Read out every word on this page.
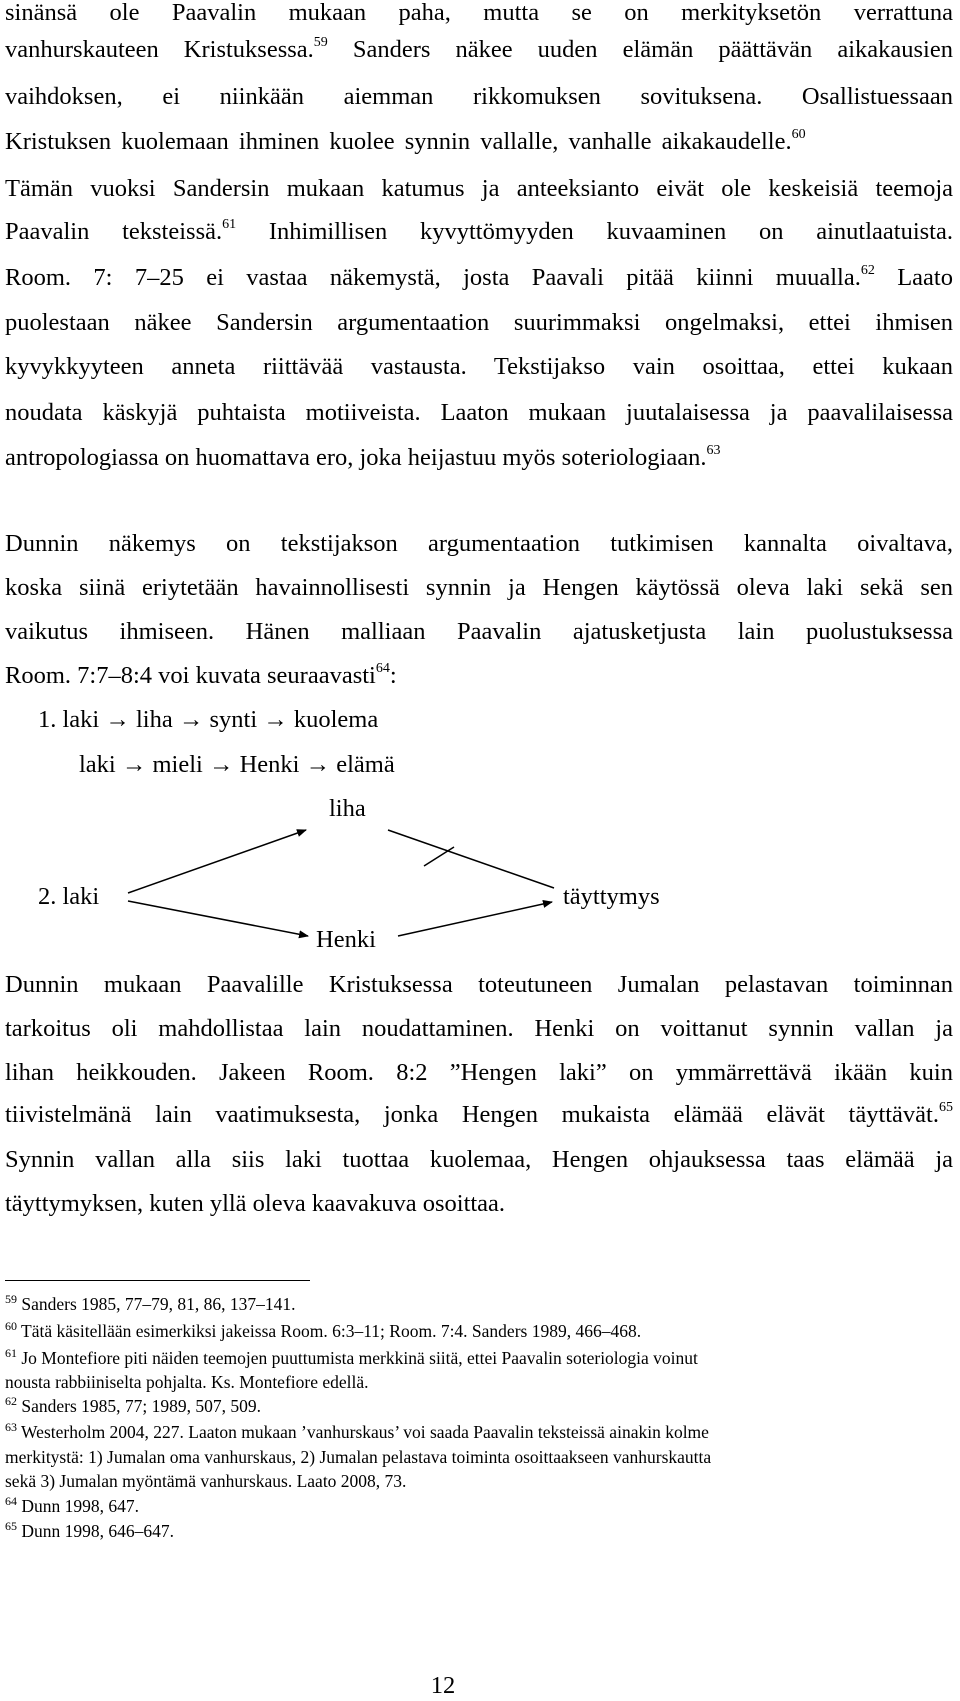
sinänsä ole Paavalin mukaan paha, mutta se on merkityksetön verrattuna
vanhurskauteen Kristuksessa.$^{59}$ Sanders näkee uuden elämän päättävän aikakausien
vaihdoksen, ei niinkään aiemman rikkomuksen sovituksena. Osallistuessaan
Kristuksen kuolemaan ihminen kuolee synnin vallalle, vanhalle aikakaudelle.$^{60}$
Tämän vuoksi Sandersin mukaan katumus ja anteeksianto eivät ole keskeisiä teemoja
Paavalin teksteissä.$^{61}$ Inhimillisen kyvyttömyyden kuvaaminen on ainutlaatuista.
Room. 7: 7–25 ei vastaa näkemystä, josta Paavali pitää kiinni muualla.$^{62}$ Laato
puolestaan näkee Sandersin argumentaation suurimmaksi ongelmaksi, ettei ihmisen
kyvykkyyteen anneta riittävää vastausta. Tekstijakso vain osoittaa, ettei kukaan
noudata käskyjä puhtaista motiiveista. Laaton mukaan juutalaisessa ja paavalilaisessa
antropologiassa on huomattava ero, joka heijastuu myös soteriologiaan.$^{63}$
Dunnin näkemys on tekstijakson argumentaation tutkimisen kannalta oivaltava,
koska siinä eriytetään havainnollisesti synnin ja Hengen käytössä oleva laki sekä sen
vaikutus ihmiseen. Hänen malliaan Paavalin ajatusketjusta lain puolustuksessa
Room. 7:7–8:4 voi kuvata seuraavasti$^{64}$:
1. laki → liha → synti → kuolema
laki → mieli → Henki → elämä
liha
2. laki	täyttymys
Henki
Dunnin mukaan Paavalille Kristuksessa toteutuneen Jumalan pelastavan toiminnan
tarkoitus oli mahdollistaa lain noudattaminen. Henki on voittanut synnin vallan ja
lihan heikkouden. Jakeen Room. 8:2 ”Hengen laki” on ymmärrettävä ikään kuin
tiivistelmänä lain vaatimuksesta, jonka Hengen mukaista elämää elävät täyttävät.$^{65}$
Synnin vallan alla siis laki tuottaa kuolemaa, Hengen ohjauksessa taas elämää ja
täyttymyksen, kuten yllä oleva kaavakuva osoittaa.
$^{59}$ Sanders 1985, 77–79, 81, 86, 137–141.
$^{60}$ Tätä käsitellään esimerkiksi jakeissa Room. 6:3–11; Room. 7:4. Sanders 1989, 466–468.
$^{61}$ Jo Montefiore piti näiden teemojen puuttumista merkkinä siitä, ettei Paavalin soteriologia voinut
nousta rabbiiniselta pohjalta. Ks. Montefiore edellä.
$^{62}$ Sanders 1985, 77; 1989, 507, 509.
$^{63}$ Westerholm 2004, 227. Laaton mukaan ’vanhurskaus’ voi saada Paavalin teksteissä ainakin kolme
merkitystä: 1) Jumalan oma vanhurskaus, 2) Jumalan pelastava toiminta osoittaakseen vanhurskautta
sekä 3) Jumalan myöntämä vanhurskaus. Laato 2008, 73.
$^{64}$ Dunn 1998, 647.
$^{65}$ Dunn 1998, 646–647.
12
